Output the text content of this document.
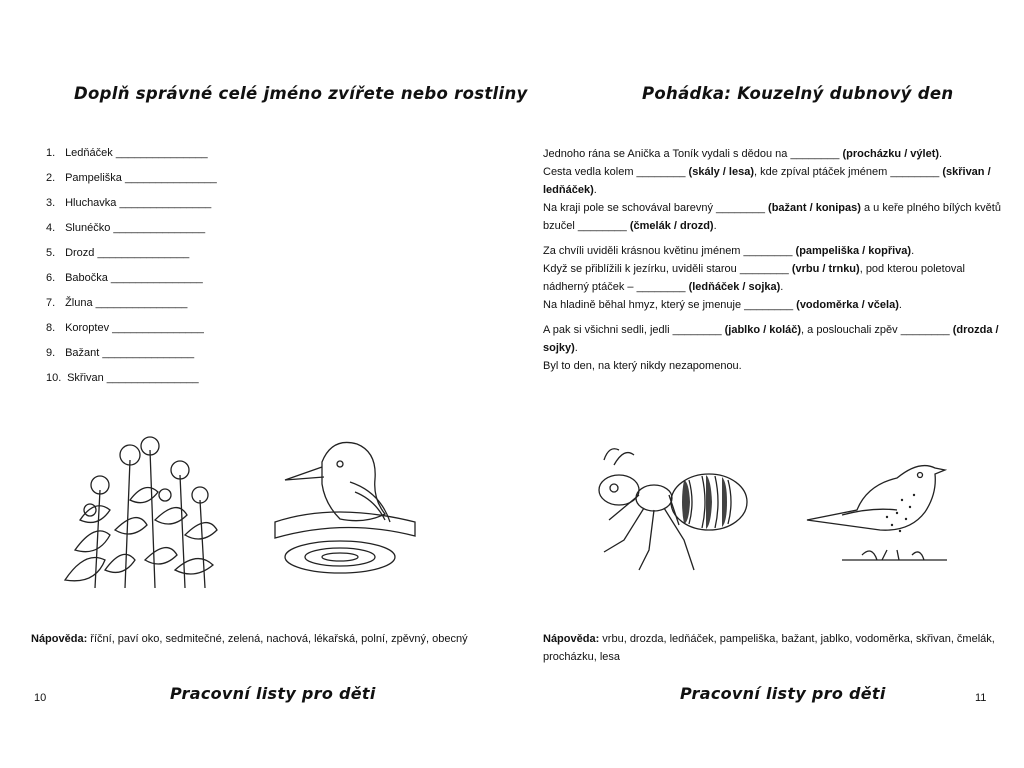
Doplň správné celé jméno zvířete nebo rostliny
1. Ledňáček _______________
2. Pampeliška _______________
3. Hluchavka _______________
4. Slunéčko _______________
5. Drozd _______________
6. Babočka _______________
7. Žluna _______________
8. Koroptev _______________
9. Bažant _______________
10. Skřivan _______________
Nápověda: říční, paví oko, sedmitečné, zelená, nachová, lékařská, polní, zpěvný, obecný
10	Pracovní listy pro děti
Pohádka: Kouzelný dubnový den

Jednoho rána se Anička a Toník vydali s dědou na ________ (procházku / výlet).
Cesta vedla kolem ________ (skály / lesa), kde zpíval ptáček jménem ________ (skřivan / ledňáček).
Na kraji pole se schovával barevný ________ (bažant / konipas) a u keře plného bílých květů bzučel ________ (čmelák / drozd).

Za chvíli uviděli krásnou květinu jménem ________ (pampeliška / kopřiva).
Když se přiblížili k jezírku, uviděli starou ________ (vrbu / trnku), pod kterou poletoval nádherný ptáček – ________ (ledňáček / sojka).
Na hladině běhal hmyz, který se jmenuje ________ (vodoměrka / včela).

A pak si všichni sedli, jedli ________ (jablko / koláč), a poslouchali zpěv ________ (drozda / sojky).
Byl to den, na který nikdy nezapomenou.

Nápověda: vrbu, drozda, ledňáček, pampeliška, bažant, jablko, vodoměrka, skřivan, čmelák, procházku, lesa
Pracovní listy pro děti	11
